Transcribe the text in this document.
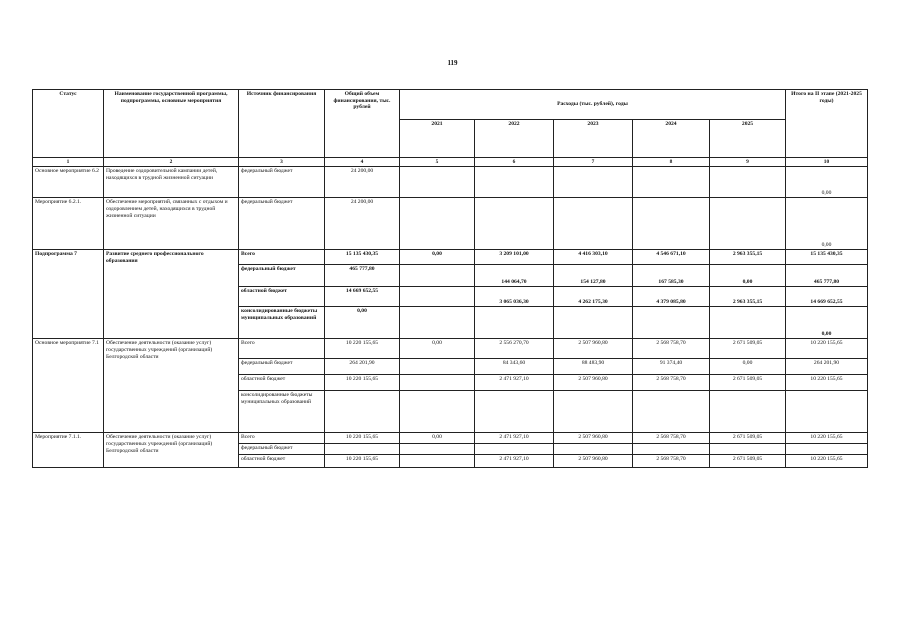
119
Статус	Наименование государственной программы, подпрограммы, основные мероприятия	Источник финансирования	Общий объем финансирования, тыс. рублей	Расходы (тыс. рублей), годы					Итого на II этапе (2021-2025 годы)
				2021	2022	2023	2024	2025	
1	2	3	4	5	6	7	8	9	10
Основное мероприятие 6.2	Проведение оздоровительной кампании детей, находящихся в трудной жизненной ситуации	федеральный бюджет	24 200,00						0,00
Мероприятие 6.2.1.	Обеспечение мероприятий, связанных с отдыхом и оздоровлением детей, находящихся в трудной жизненной ситуации	федеральный бюджет	24 200,00						0,00
Подпрограмма 7	Развитие среднего профессионального образования	Всего	15 135 430,35	0,00	3 209 101,00	4 416 303,10	4 546 671,10	2 963 355,15	15 135 430,35
		федеральный бюджет	465 777,80		144 064,70	154 127,80	167 585,30	0,00	465 777,80
		областной бюджет	14 669 652,55		3 065 036,30	4 262 175,30	4 379 085,80	2 963 355,15	14 669 652,55
		консолидированные бюджеты муниципальных образований	0,00						0,00
Основное мероприятие 7.1	Обеспечение деятельности (оказание услуг) государственных учреждений (организаций) Белгородской области	Всего	10 220 155,65	0,00	2 556 270,70	2 507 960,80	2 568 758,70	2 671 509,05	10 220 155,65
		федеральный бюджет	264 201,90		84 343,60	88 483,90	91 374,40	0,00	264 201,90
		областной бюджет	10 220 155,65		2 471 927,10	2 507 960,80	2 568 758,70	2 671 509,05	10 220 155,65
		консолидированные бюджеты муниципальных образований							
Мероприятие 7.1.1.	Обеспечение деятельности (оказание услуг) государственных учреждений (организаций) Белгородской области	Всего	10 220 155,65	0,00	2 471 927,10	2 507 960,80	2 568 758,70	2 671 509,05	10 220 155,65
		федеральный бюджет							
		областной бюджет	10 220 155,65		2 471 927,10	2 507 960,80	2 568 758,70	2 671 509,05	10 220 155,65
